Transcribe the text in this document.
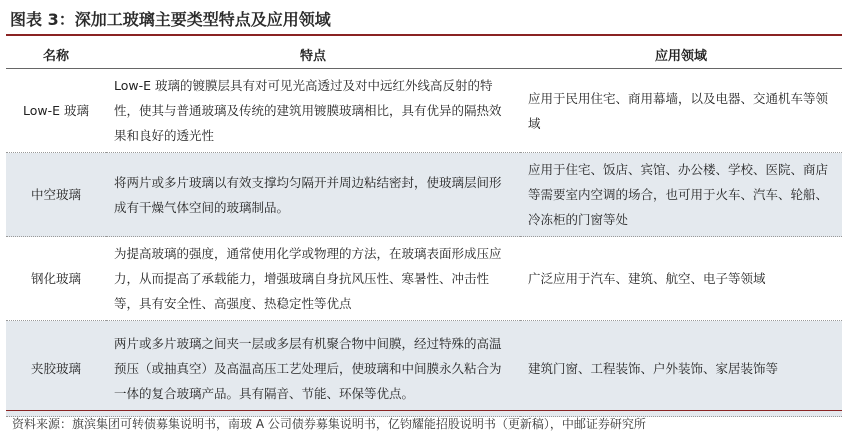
图表 3：深加工玻璃主要类型特点及应用领域
名称	特点	应用领域
Low-E 玻璃	Low-E 玻璃的镀膜层具有对可见光高透过及对中远红外线高反射的特性，使其与普通玻璃及传统的建筑用镀膜玻璃相比，具有优异的隔热效果和良好的透光性	应用于民用住宅、商用幕墙，以及电器、交通机车等领域
中空玻璃	将两片或多片玻璃以有效支撑均匀隔开并周边粘结密封，使玻璃层间形成有干燥气体空间的玻璃制品。	应用于住宅、饭店、宾馆、办公楼、学校、医院、商店等需要室内空调的场合，也可用于火车、汽车、轮船、冷冻柜的门窗等处
钢化玻璃	为提高玻璃的强度，通常使用化学或物理的方法，在玻璃表面形成压应力，从而提高了承载能力，增强玻璃自身抗风压性、寒暑性、冲击性等，具有安全性、高强度、热稳定性等优点	广泛应用于汽车、建筑、航空、电子等领域
夹胶玻璃	两片或多片玻璃之间夹一层或多层有机聚合物中间膜，经过特殊的高温预压（或抽真空）及高温高压工艺处理后，使玻璃和中间膜永久粘合为一体的复合玻璃产品。具有隔音、节能、环保等优点。	建筑门窗、工程装饰、户外装饰、家居装饰等
资料来源：旗滨集团可转债募集说明书，南玻 A 公司债券募集说明书，亿钧耀能招股说明书（更新稿），中邮证券研究所
